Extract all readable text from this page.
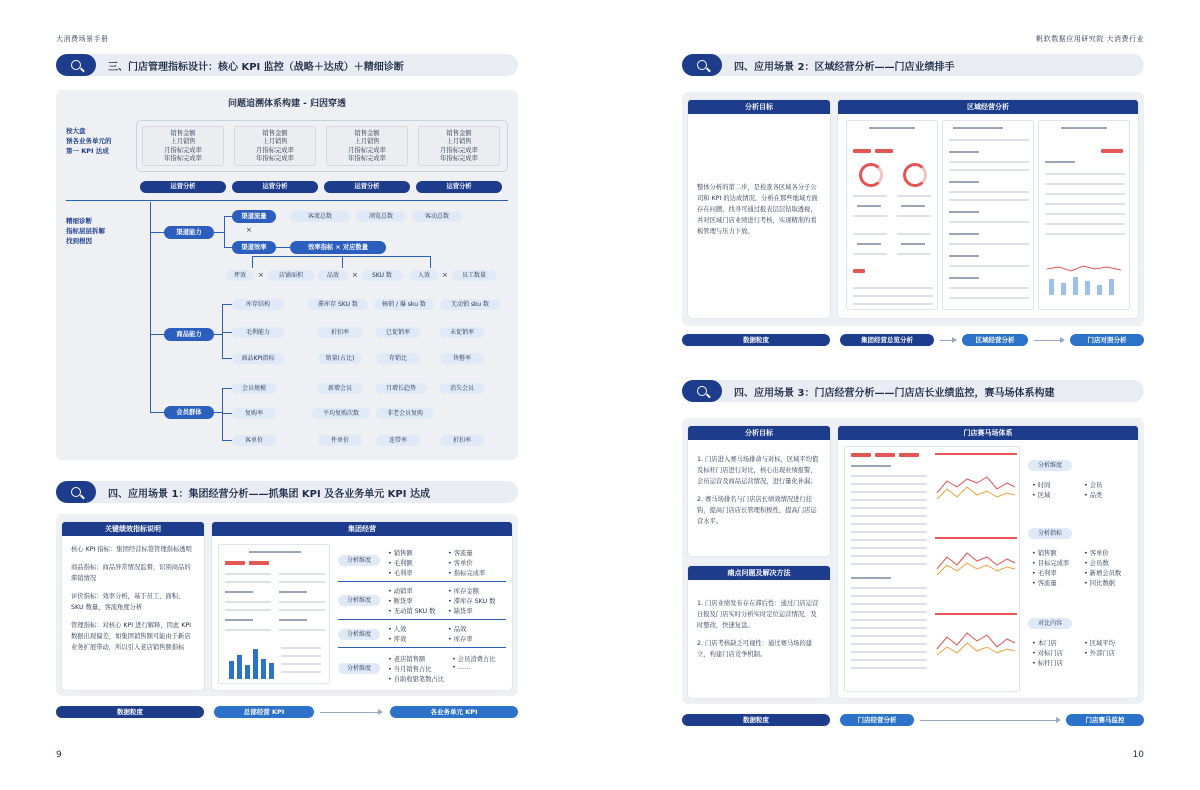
大消费场景手册
三、门店管理指标设计：核心 KPI 监控（战略＋达成）＋精细诊断
问题追溯体系构建 - 归因穿透
按大盘
预各业务单元的
第一 KPI 达成
销售金额
上月销售
月指标完成率
年指标完成率
销售金额
上月销售
月指标完成率
年指标完成率
销售金额
上月销售
月指标完成率
年指标完成率
销售金额
上月销售
月指标完成率
年指标完成率
运营分析	运营分析	运营分析	运营分析
精细诊断
指标层层拆解
找到根因
渠道能力
渠道流量
渠道效率
×
客流总数	浏览总数	客动总数
效率指标 × 对应数量
坪效	×	店铺面积	品效	×	SKU 数	人效	×	员工数量
商品能力
库存结构	滞库存 SKU 数	畅销 / 爆 sku 数	无动销 sku 数
毛利能力	折扣率	已促销率	未促销率
商品KPI指标	销量(占比)	存销比	售罄率
会员群体
会员规模	新增会员	月增长趋势	消失会员
复购率	平均复购次数	非老会员复购
客单价	件单价	连带率	折扣率
四、应用场景 1：集团经营分析——抓集团 KPI 及各业务单元 KPI 达成
关键绩效指标说明

核心 KPI 指标：集团经营标签管理指标透明

商品指标：商品异常情况监督，识别商品的滞销情况

评价指标：效率分析，基于员工、面积、SKU 数量，客流角度分析

管理指标：对核心 KPI 进行解释，因此 KPI 数据出现偏差，如集团销售额可能由于新店业务扩展带动，所以引入老店销售额指标

集团经营
分析维度
• 销售额
• 毛利额
• 毛利率
• 客流量
• 客单价
• 指标完成率
分析维度
• 动销率
• 断货率
• 无动销 SKU 数
• 库存金额
• 滞库存 SKU 数
• 缺货率
分析维度
• 人效
• 坪效
• 品效
• 库存率
分析维度
• 老店销售额
• 当月销售占比
• 自助收银笔数占比
• 会员消费占比
• ……
数据粒度	总部经营 KPI	各业务单元 KPI
9
帆软数据应用研究院 大消费行业
四、应用场景 2：区域经营分析——门店业绩排手
分析目标

整体分析的第二步，是检查各区域各分子公司和 KPI 的达成情况，分析在那些地域方面存在问题，找寻可通过报表层层钻取透视，并对区域门店业绩进行考核，实现精准的看板管理与压力下放。

区域经营分析
数据粒度	集团经营总览分析	区域经营分析	门店对照分析
四、应用场景 3：门店经营分析——门店店长业绩监控，赛马场体系构建
分析目标

1. 门店进入赛马场排命与对标，区域平均值及标杆门店进行对比，核心出现业绩报警，会员运营及商品运营情况，进行量化补漏；

2. 赛马场排名与门店店长绩效情况进行挂钩，提高门店店长管理积极性，提高门店运营水平。

痛点问题及解决方法

1. 门店业绩发布存在滞后性：通过门店运营日报及门店实时分析实时定位运营情况，及时整改，快速复盘。

2. 门店考核缺乏可视性：通过赛马场的建立，构建门店竞争机制。

门店赛马场体系
分析维度
• 时间
• 区域
• 会员
• 品类
分析指标
• 销售额
• 目标完成率
• 毛利率
• 客流量
• 客单价
• 会员数
• 新增会员数
• 同比数据
对比内容
• 本门店
• 对标门店
• 标杆门店
• 区域平均
• 外部门店
数据粒度	门店经营分析	门店赛马监控
10
